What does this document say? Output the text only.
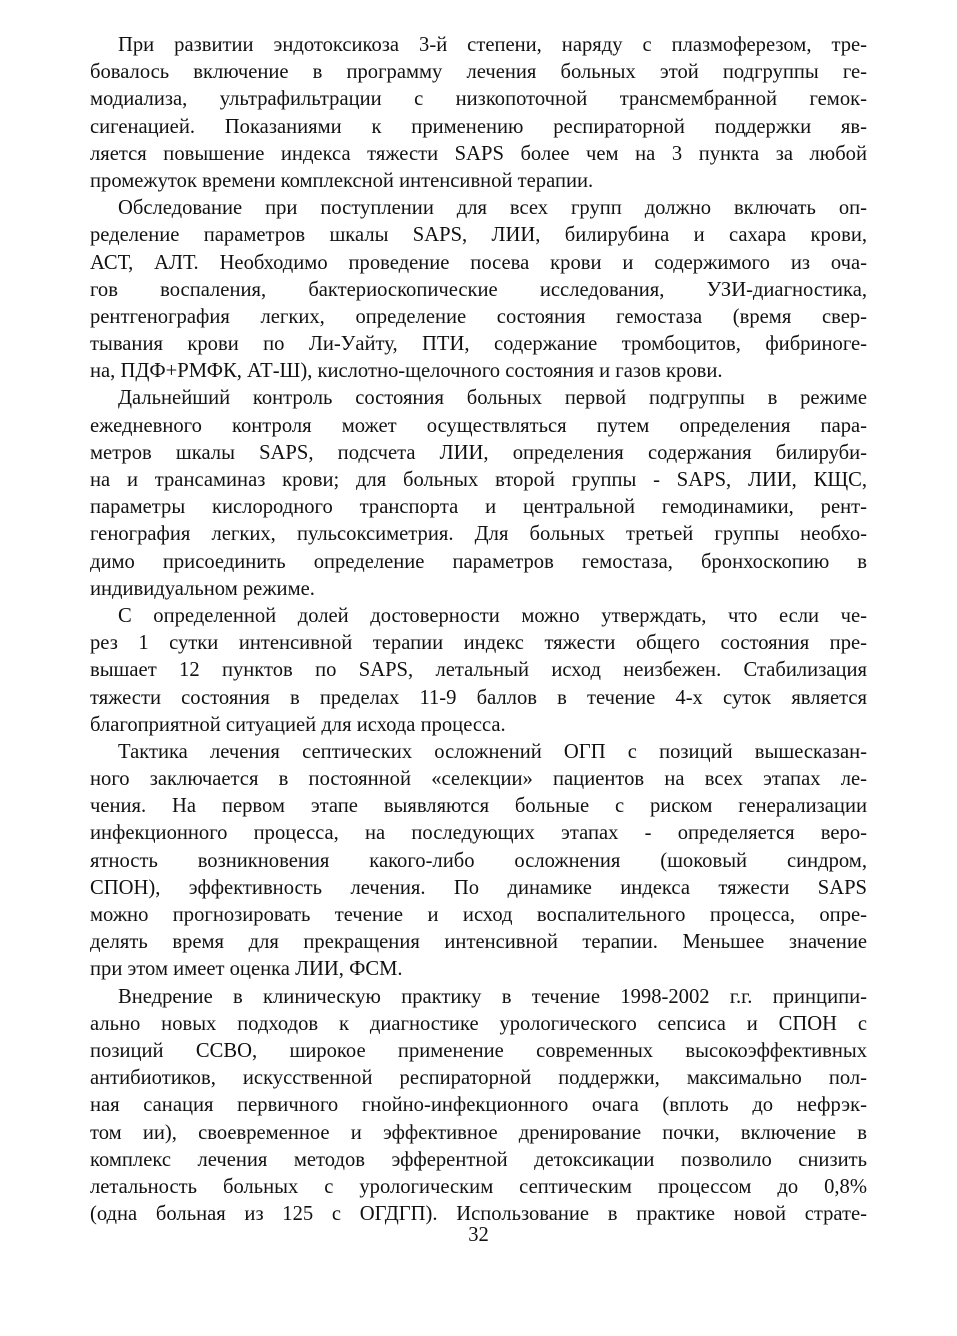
При развитии эндотоксикоза 3-й степени, наряду с плазмоферезом, тре-
бовалось включение в программу лечения больных этой подгруппы ге-
модиализа, ультрафильтрации с низкопоточной трансмембранной гемок-
сигенацией. Показаниями к применению респираторной поддержки яв-
ляется повышение индекса тяжести SAPS более чем на 3 пункта за любой
промежуток времени комплексной интенсивной терапии.
Обследование при поступлении для всех групп должно включать оп-
ределение параметров шкалы SAPS, ЛИИ, билирубина и сахара крови,
АСТ, АЛТ. Необходимо проведение посева крови и содержимого из оча-
гов воспаления, бактериоскопические исследования, УЗИ-диагностика,
рентгенография легких, определение состояния гемостаза (время свер-
тывания крови по Ли-Уайту, ПТИ, содержание тромбоцитов, фибриноге-
на, ПДФ+РМФК, АТ-Ш), кислотно-щелочного состояния и газов крови.
Дальнейший контроль состояния больных первой подгруппы в режиме
ежедневного контроля может осуществляться путем определения пара-
метров шкалы SAPS, подсчета ЛИИ, определения содержания билируби-
на и трансаминаз крови; для больных второй группы - SAPS, ЛИИ, КЩС,
параметры кислородного транспорта и центральной гемодинамики, рент-
генография легких, пульсоксиметрия. Для больных третьей группы необхо-
димо присоединить определение параметров гемостаза, бронхоскопию в
индивидуальном режиме.
С определенной долей достоверности можно утверждать, что если че-
рез 1 сутки интенсивной терапии индекс тяжести общего состояния пре-
вышает 12 пунктов по SAPS, летальный исход неизбежен. Стабилизация
тяжести состояния в пределах 11-9 баллов в течение 4-х суток является
благоприятной ситуацией для исхода процесса.
Тактика лечения септических осложнений ОГП с позиций вышесказан-
ного заключается в постоянной «селекции» пациентов на всех этапах ле-
чения. На первом этапе выявляются больные с риском генерализации
инфекционного процесса, на последующих этапах - определяется веро-
ятность возникновения какого-либо осложнения (шоковый синдром,
СПОН), эффективность лечения. По динамике индекса тяжести SAPS
можно прогнозировать течение и исход воспалительного процесса, опре-
делять время для прекращения интенсивной терапии. Меньшее значение
при этом имеет оценка ЛИИ, ФСМ.
Внедрение в клиническую практику в течение 1998-2002 г.г. принципи-
ально новых подходов к диагностике урологического сепсиса и СПОН с
позиций ССВО, широкое применение современных высокоэффективных
антибиотиков, искусственной респираторной поддержки, максимально пол-
ная санация первичного гнойно-инфекционного очага (вплоть до нефрэк-
том ии), своевременное и эффективное дренирование почки, включение в
комплекс лечения методов эфферентной детоксикации позволило снизить
летальность больных с урологическим септическим процессом до 0,8%
(одна больная из 125 с ОГДГП). Использование в практике новой страте-
32
